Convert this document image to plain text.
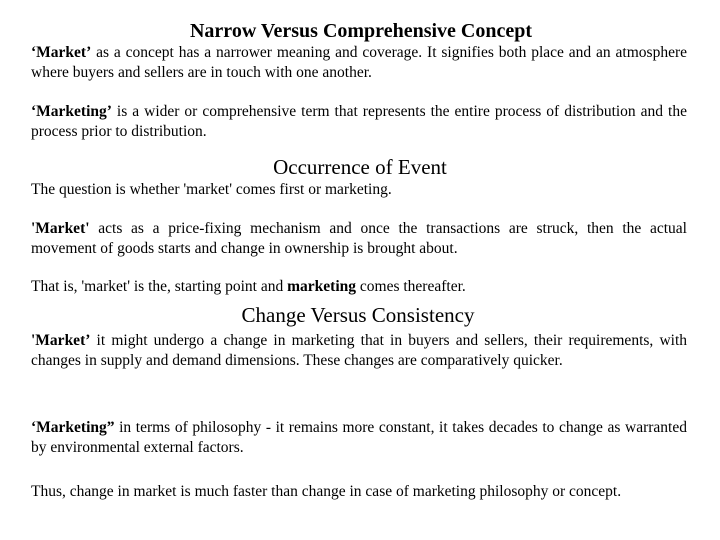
Narrow Versus Comprehensive Concept

‘Market’ as a concept has a narrower meaning and coverage. It signifies both place and an atmosphere where buyers and sellers are in touch with one another.

‘Marketing’ is a wider or comprehensive term that represents the entire process of distribution and the process prior to distribution.

Occurrence of Event

The question is whether 'market' comes first or marketing.

'Market' acts as a price-fixing mechanism and once the transactions are struck, then the actual movement of goods starts and change in ownership is brought about.

That is, 'market' is the, starting point and marketing comes thereafter.

Change Versus Consistency

'Market’ it might undergo a change in marketing that in buyers and sellers, their requirements, with changes in supply and demand dimensions. These changes are comparatively quicker.

‘Marketing” in terms of philosophy - it remains more constant, it takes decades to change as warranted by environmental external factors.

Thus, change in market is much faster than change in case of marketing philosophy or concept.
